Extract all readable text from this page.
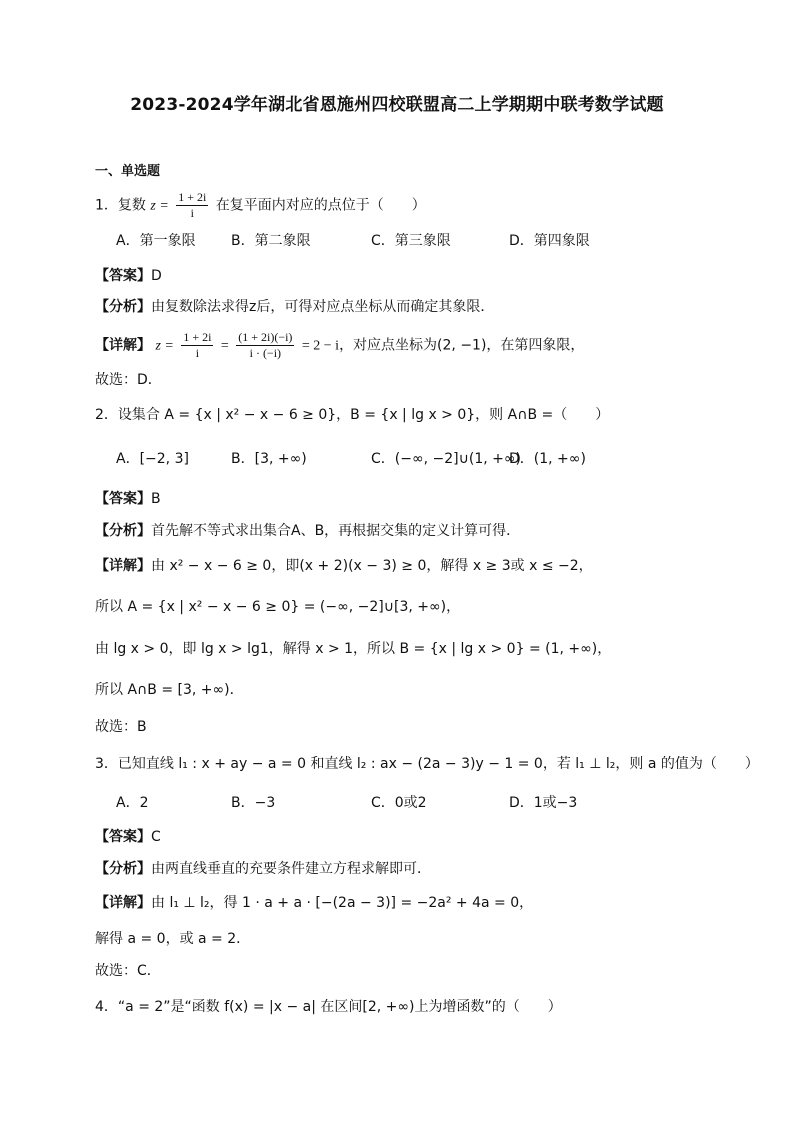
2023-2024学年湖北省恩施州四校联盟高二上学期期中联考数学试题
一、单选题
1．复数 $z = \frac{1 + 2i}{i}$ 在复平面内对应的点位于（　　）
A．第一象限	B．第二象限	C．第三象限	D．第四象限
【答案】D
【分析】由复数除法求得z后，可得对应点坐标从而确定其象限．
【详解】 $z = \frac{1 + 2i}{i} = \frac{(1 + 2i)(-i)}{i \cdot (-i)} = 2 - i$，对应点坐标为(2, −1)，在第四象限，
故选：D．
2．设集合 A = {x | x² − x − 6 ≥ 0}，B = {x | lg x > 0}，则 A∩B =（　　）
A．[−2, 3]	B．[3, +∞)	C．(−∞, −2]∪(1, +∞)
D．(1, +∞)
【答案】B
【分析】首先解不等式求出集合A、B，再根据交集的定义计算可得．
【详解】由 x² − x − 6 ≥ 0，即(x + 2)(x − 3) ≥ 0，解得 x ≥ 3或 x ≤ −2，
所以 A = {x | x² − x − 6 ≥ 0} = (−∞, −2]∪[3, +∞)，
由 lg x > 0，即 lg x > lg1，解得 x > 1，所以 B = {x | lg x > 0} = (1, +∞)，
所以 A∩B = [3, +∞)．
故选：B
3．已知直线 l₁ : x + ay − a = 0 和直线 l₂ : ax − (2a − 3)y − 1 = 0，若 l₁ ⊥ l₂，则 a 的值为（　　）
A．2	B．−3	C．0或2	D．1或−3
【答案】C
【分析】由两直线垂直的充要条件建立方程求解即可．
【详解】由 l₁ ⊥ l₂，得 1 · a + a · [−(2a − 3)] = −2a² + 4a = 0，
解得 a = 0，或 a = 2．
故选：C．
4．“a = 2”是“函数 f(x) = |x − a| 在区间[2, +∞)上为增函数”的（　　）
